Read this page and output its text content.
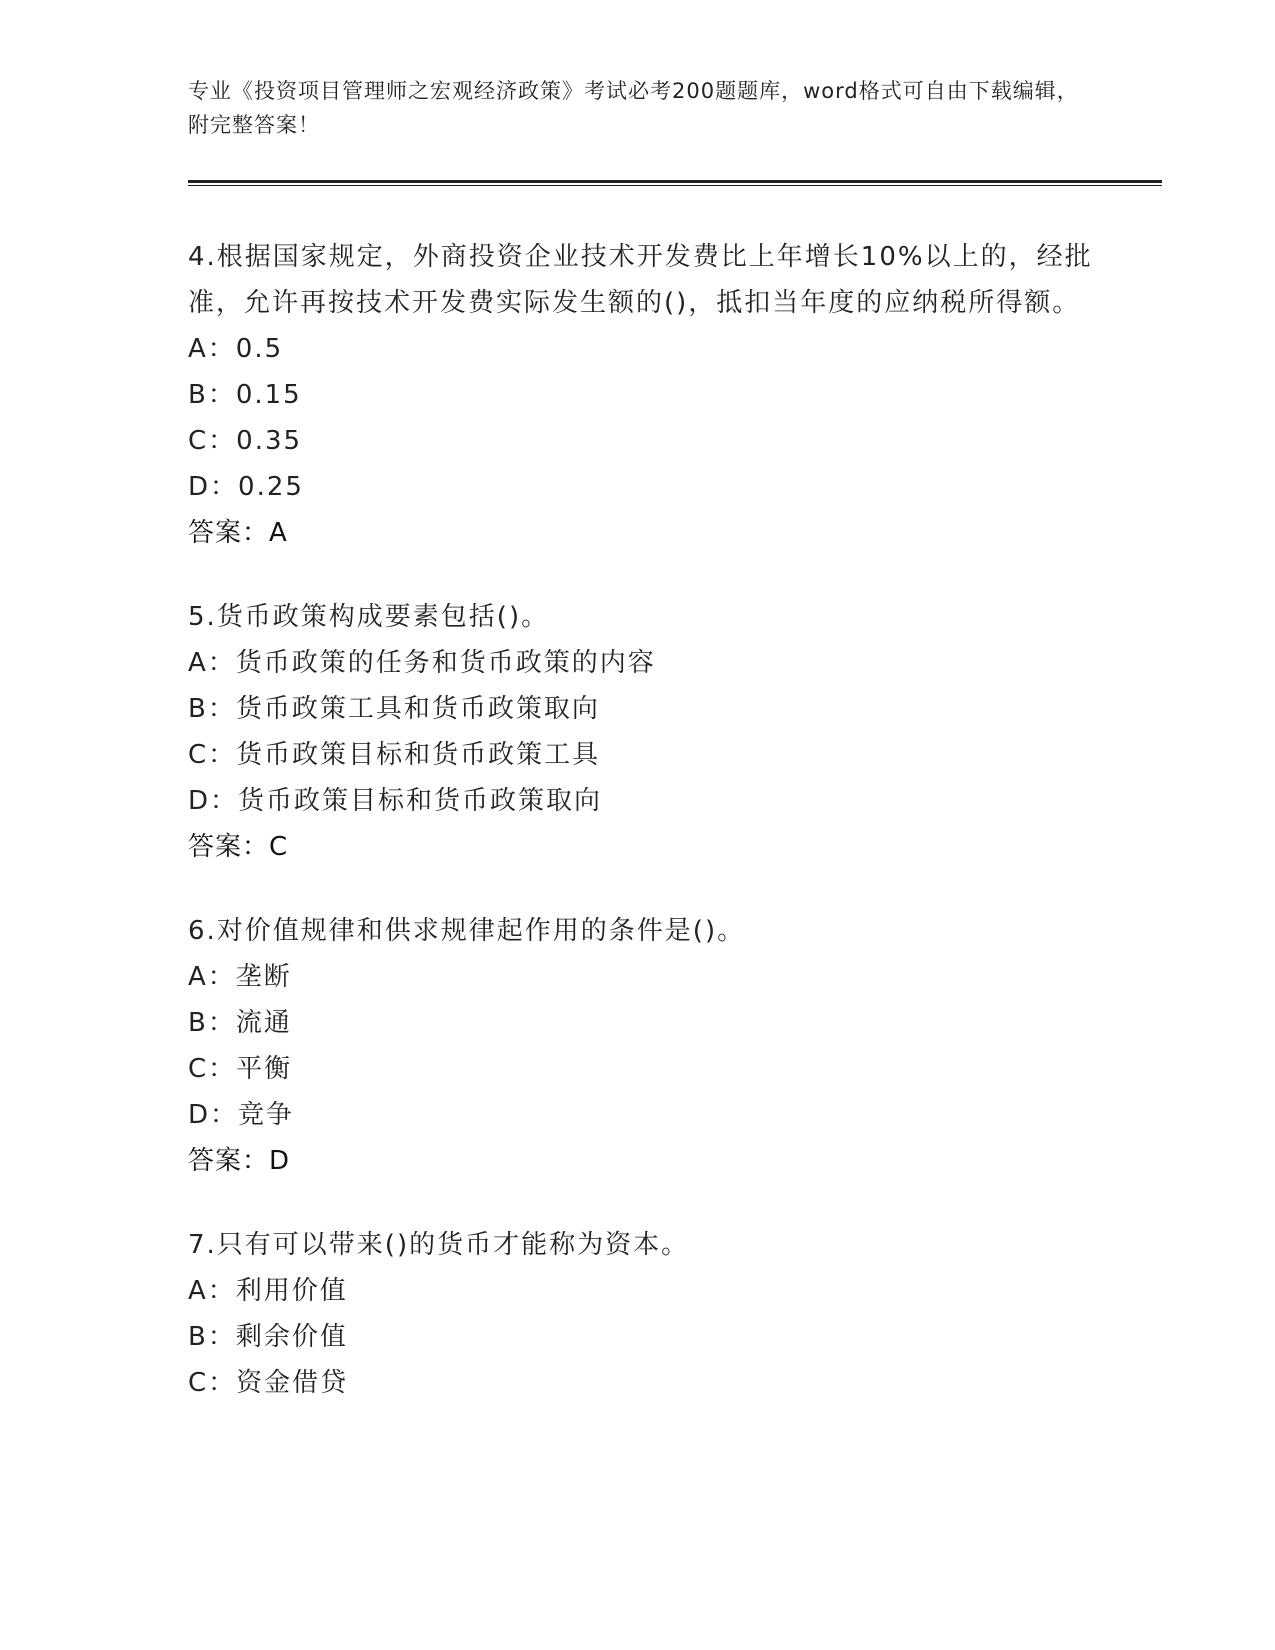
专业《投资项目管理师之宏观经济政策》考试必考200题题库，word格式可自由下载编辑，附完整答案！
4.根据国家规定，外商投资企业技术开发费比上年增长10%以上的，经批准，允许再按技术开发费实际发生额的()，抵扣当年度的应纳税所得额。
A：0.5
B：0.15
C：0.35
D：0.25
答案：A
5.货币政策构成要素包括()。
A：货币政策的任务和货币政策的内容
B：货币政策工具和货币政策取向
C：货币政策目标和货币政策工具
D：货币政策目标和货币政策取向
答案：C
6.对价值规律和供求规律起作用的条件是()。
A：垄断
B：流通
C：平衡
D：竞争
答案：D
7.只有可以带来()的货币才能称为资本。
A：利用价值
B：剩余价值
C：资金借贷
